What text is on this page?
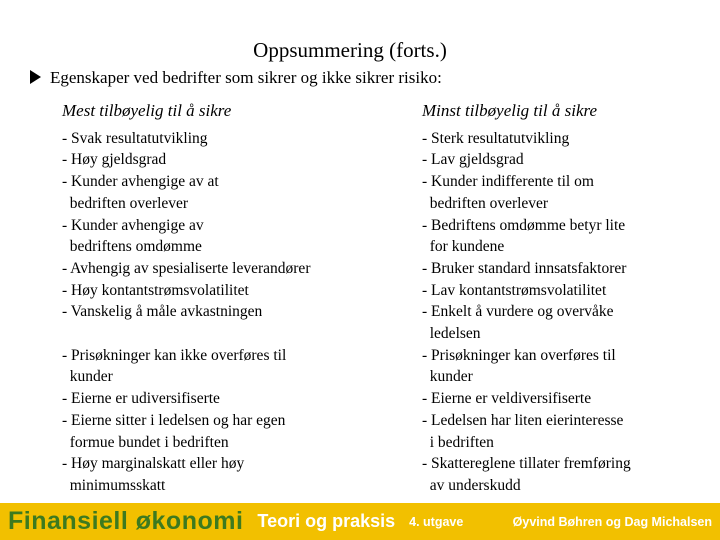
Oppsummering (forts.)
Egenskaper ved bedrifter som sikrer og ikke sikrer risiko:
Mest tilbøyelig til å sikre
- Svak resultatutvikling
- Høy gjeldsgrad
- Kunder avhengige av at
bedriften overlever
- Kunder avhengige av
bedriftens omdømme
- Avhengig av spesialiserte leverandører
- Høy kontantstrømsvolatilitet
- Vanskelig å måle avkastningen
- Prisøkninger kan ikke overføres til
kunder
- Eierne er udiversifiserte
- Eierne sitter i ledelsen og har egen
formue bundet i bedriften
- Høy marginalskatt eller høy
minimumsskatt
Minst tilbøyelig til å sikre
- Sterk resultatutvikling
- Lav gjeldsgrad
- Kunder indifferente til om
bedriften overlever
- Bedriftens omdømme betyr lite
for kundene
- Bruker standard innsatsfaktorer
- Lav kontantstrømsvolatilitet
- Enkelt å vurdere og overvåke
ledelsen
- Prisøkninger kan overføres til
kunder
- Eierne er veldiversifiserte
- Ledelsen har liten eierinteresse
i bedriften
- Skattereglene tillater fremføring
av underskudd
Finansiell økonomi Teori og praksis 4. utgave	Øyvind Bøhren og Dag Michalsen
